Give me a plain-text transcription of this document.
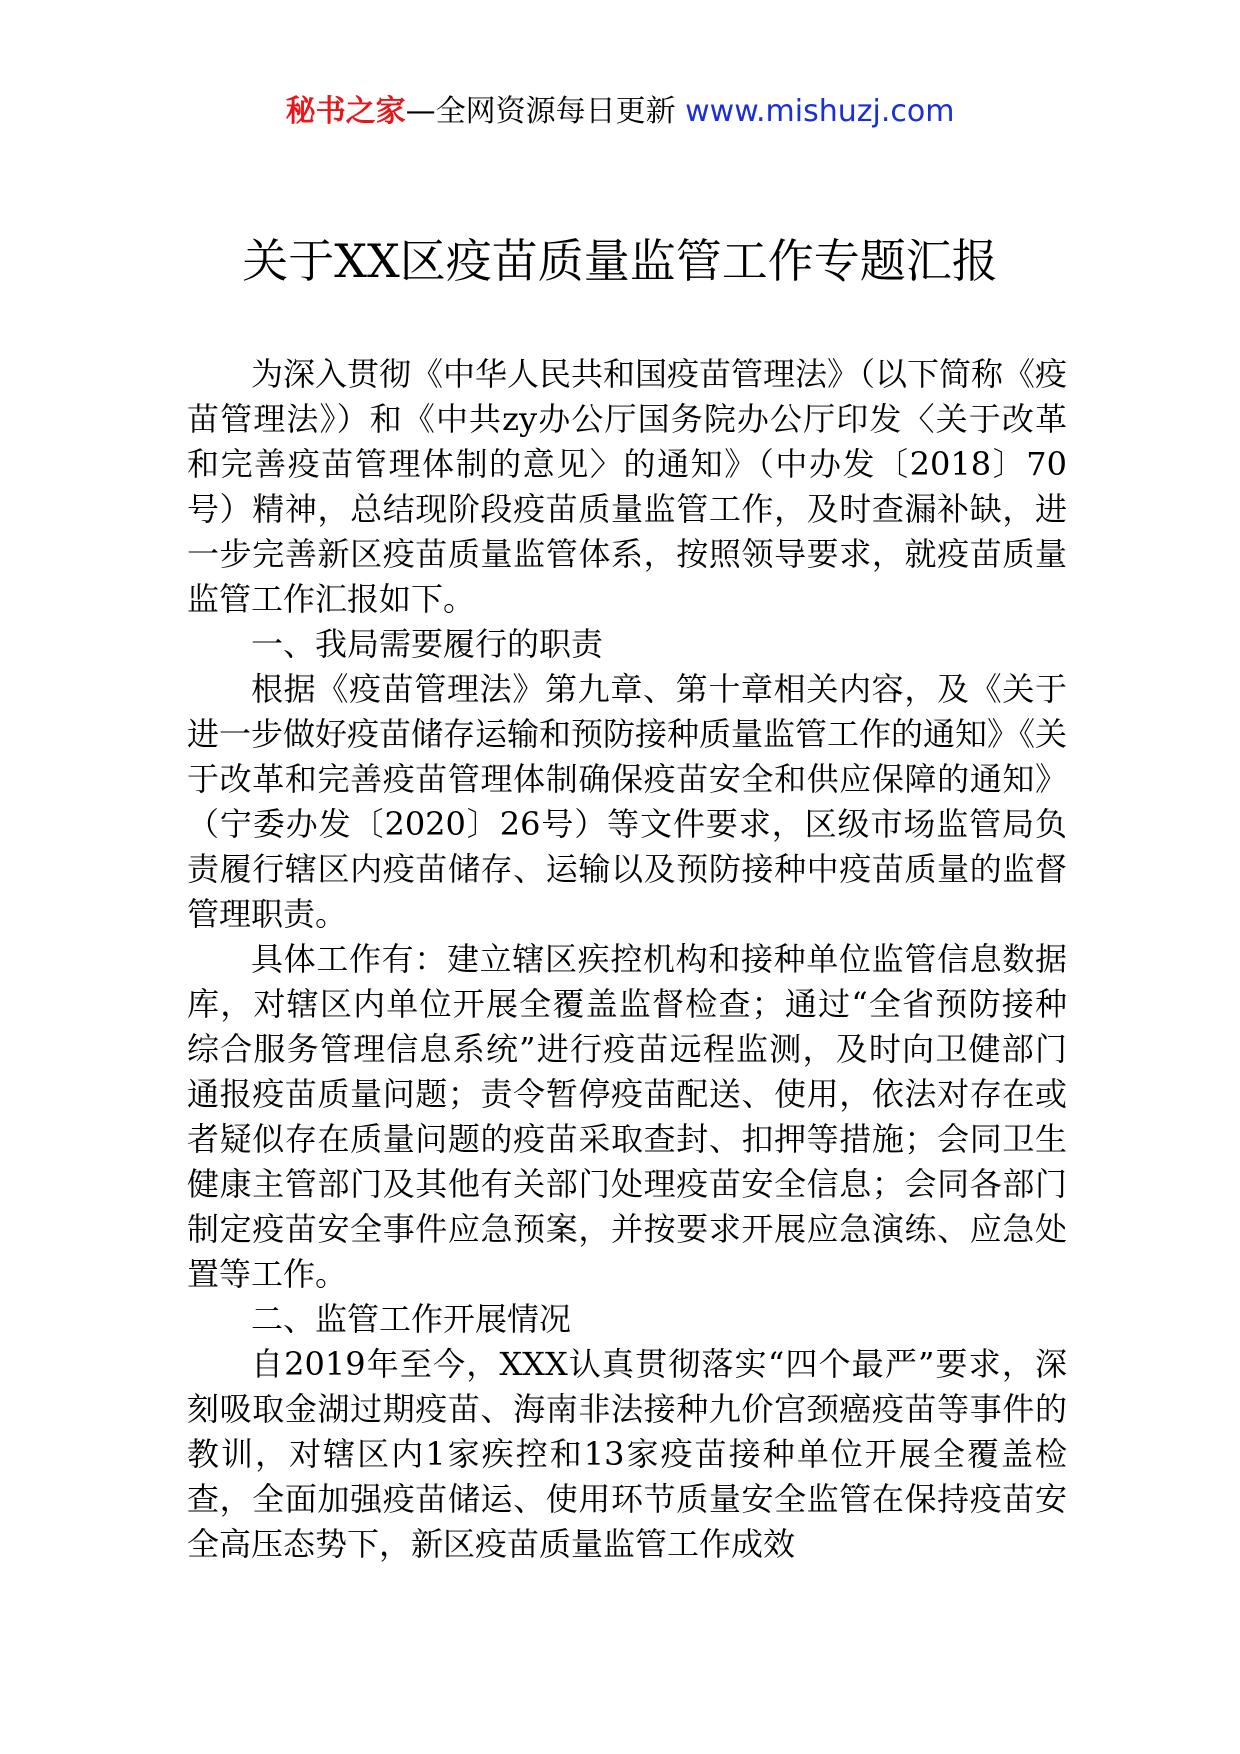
秘书之家—全网资源每日更新 www.mishuzj.com
关于XX区疫苗质量监管工作专题汇报

为深入贯彻《中华人民共和国疫苗管理法》（以下简称《疫苗管理法》）和《中共zy办公厅国务院办公厅印发〈关于改革和完善疫苗管理体制的意见〉的通知》（中办发〔2018〕70号）精神，总结现阶段疫苗质量监管工作，及时查漏补缺，进一步完善新区疫苗质量监管体系，按照领导要求，就疫苗质量监管工作汇报如下。

一、我局需要履行的职责

根据《疫苗管理法》第九章、第十章相关内容，及《关于进一步做好疫苗储存运输和预防接种质量监管工作的通知》《关于改革和完善疫苗管理体制确保疫苗安全和供应保障的通知》（宁委办发〔2020〕26号）等文件要求，区级市场监管局负责履行辖区内疫苗储存、运输以及预防接种中疫苗质量的监督管理职责。

具体工作有：建立辖区疾控机构和接种单位监管信息数据库，对辖区内单位开展全覆盖监督检查；通过“全省预防接种综合服务管理信息系统”进行疫苗远程监测，及时向卫健部门通报疫苗质量问题；责令暂停疫苗配送、使用，依法对存在或者疑似存在质量问题的疫苗采取查封、扣押等措施；会同卫生健康主管部门及其他有关部门处理疫苗安全信息；会同各部门制定疫苗安全事件应急预案，并按要求开展应急演练、应急处置等工作。

二、监管工作开展情况

自2019年至今，XXX认真贯彻落实“四个最严”要求，深刻吸取金湖过期疫苗、海南非法接种九价宫颈癌疫苗等事件的教训，对辖区内1家疾控和13家疫苗接种单位开展全覆盖检查，全面加强疫苗储运、使用环节质量安全监管在保持疫苗安全高压态势下，新区疫苗质量监管工作成效
